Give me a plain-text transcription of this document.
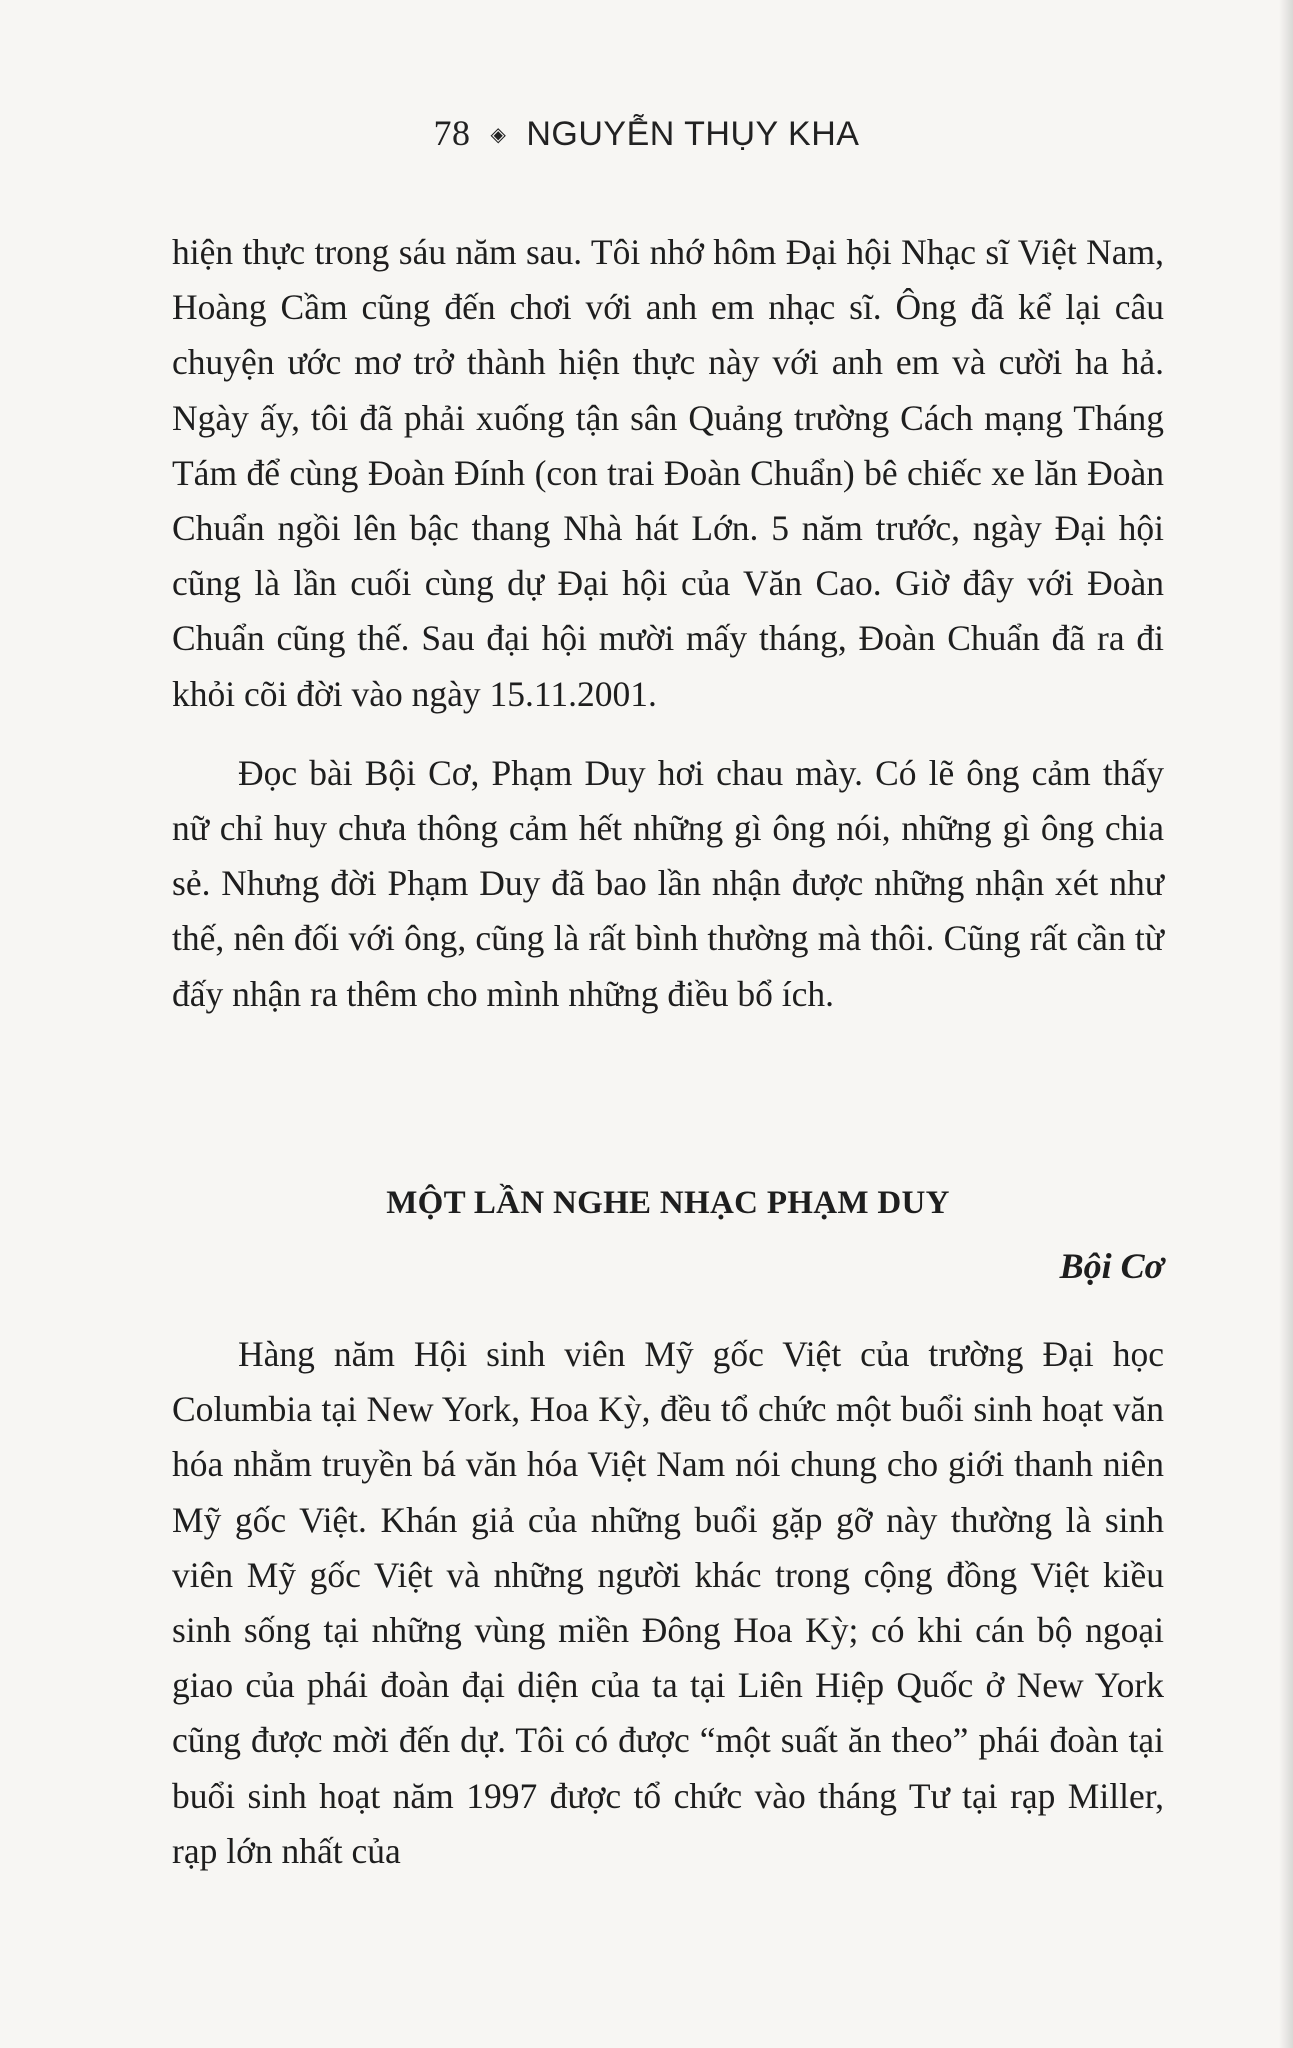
78 ◈ NGUYỄN THỤY KHA

hiện thực trong sáu năm sau. Tôi nhớ hôm Đại hội Nhạc sĩ Việt Nam, Hoàng Cầm cũng đến chơi với anh em nhạc sĩ. Ông đã kể lại câu chuyện ước mơ trở thành hiện thực này với anh em và cười ha hả. Ngày ấy, tôi đã phải xuống tận sân Quảng trường Cách mạng Tháng Tám để cùng Đoàn Đính (con trai Đoàn Chuẩn) bê chiếc xe lăn Đoàn Chuẩn ngồi lên bậc thang Nhà hát Lớn. 5 năm trước, ngày Đại hội cũng là lần cuối cùng dự Đại hội của Văn Cao. Giờ đây với Đoàn Chuẩn cũng thế. Sau đại hội mười mấy tháng, Đoàn Chuẩn đã ra đi khỏi cõi đời vào ngày 15.11.2001.

Đọc bài Bội Cơ, Phạm Duy hơi chau mày. Có lẽ ông cảm thấy nữ chỉ huy chưa thông cảm hết những gì ông nói, những gì ông chia sẻ. Nhưng đời Phạm Duy đã bao lần nhận được những nhận xét như thế, nên đối với ông, cũng là rất bình thường mà thôi. Cũng rất cần từ đấy nhận ra thêm cho mình những điều bổ ích.

MỘT LẦN NGHE NHẠC PHẠM DUY
Bội Cơ

Hàng năm Hội sinh viên Mỹ gốc Việt của trường Đại học Columbia tại New York, Hoa Kỳ, đều tổ chức một buổi sinh hoạt văn hóa nhằm truyền bá văn hóa Việt Nam nói chung cho giới thanh niên Mỹ gốc Việt. Khán giả của những buổi gặp gỡ này thường là sinh viên Mỹ gốc Việt và những người khác trong cộng đồng Việt kiều sinh sống tại những vùng miền Đông Hoa Kỳ; có khi cán bộ ngoại giao của phái đoàn đại diện của ta tại Liên Hiệp Quốc ở New York cũng được mời đến dự. Tôi có được “một suất ăn theo” phái đoàn tại buổi sinh hoạt năm 1997 được tổ chức vào tháng Tư tại rạp Miller, rạp lớn nhất của
